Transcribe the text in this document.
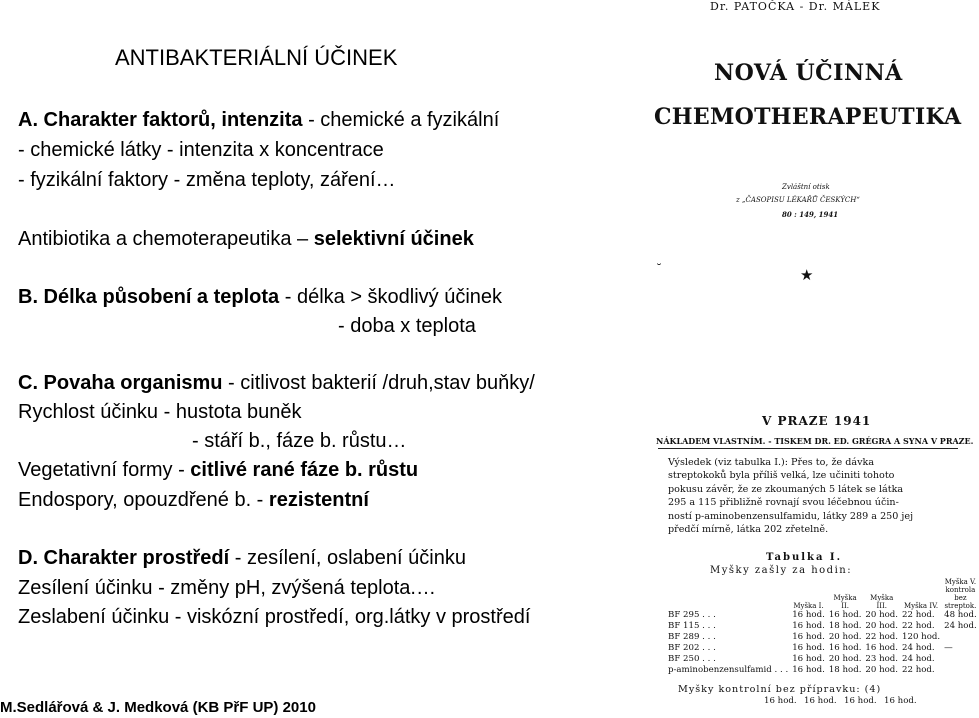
ANTIBAKTERIÁLNÍ ÚČINEK
A. Charakter faktorů, intenzita - chemické a fyzikální
- chemické látky - intenzita x koncentrace
- fyzikální faktory - změna teploty, záření…
Antibiotika a chemoterapeutika – selektivní účinek
B. Délka působení a teplota - délka > škodlivý účinek
- doba x teplota
C. Povaha organismu - citlivost bakterií /druh,stav buňky/
Rychlost účinku - hustota buněk
- stáří b., fáze b. růstu…
Vegetativní formy - citlivé rané fáze b. růstu
Endospory, opouzdřené b. - rezistentní
D. Charakter prostředí - zesílení, oslabení účinku
Zesílení účinku - změny pH, zvýšená teplota.…
Zeslabení účinku - viskózní prostředí, org.látky v prostředí
M.Sedlářová & J. Medková (KB PřF UP) 2010
Dr. PATOČKA - Dr. MÁLEK
NOVÁ ÚČINNÁ
CHEMOTHERAPEUTIKA
Zvláštní otisk
z „ČASOPISU LÉKAŘŮ ČESKÝCH“
80 : 149, 1941
˘	★
V PRAZE 1941
NÁKLADEM VLASTNÍM. - TISKEM DR. ED. GRÉGRA A SYNA V PRAZE.
Výsledek (viz tabulka I.): Přes to, že dávka
streptokoků byla příliš velká, lze učiniti tohoto
pokusu závěr, že ze zkoumaných 5 látek se látka
295 a 115 přibližně rovnají svou léčebnou účin-
ností p-aminobenzensulfamidu, látky 289 a 250 jej
předčí mírně, látka 202 zřetelně.
Tabulka I.
Myšky zašly za hodin:
	Myška I.	Myška II.	Myška III.	Myška IV.	Myška V. kontrola bez streptok.
BF 295 . . .	16 hod.	16 hod.	20 hod.	22 hod.	48 hod.
BF 115 . . .	16 hod.	18 hod.	20 hod.	22 hod.	24 hod.
BF 289 . . .	16 hod.	20 hod.	22 hod.	120 hod.	
BF 202 . . .	16 hod.	16 hod.	16 hod.	24 hod.	—
BF 250 . . .	16 hod.	20 hod.	23 hod.	24 hod.	
p-aminobenzensulfamid . . .	16 hod.	18 hod.	20 hod.	22 hod.	
Myšky kontrolní bez přípravku: (4)
16 hod. 16 hod. 16 hod. 16 hod.
